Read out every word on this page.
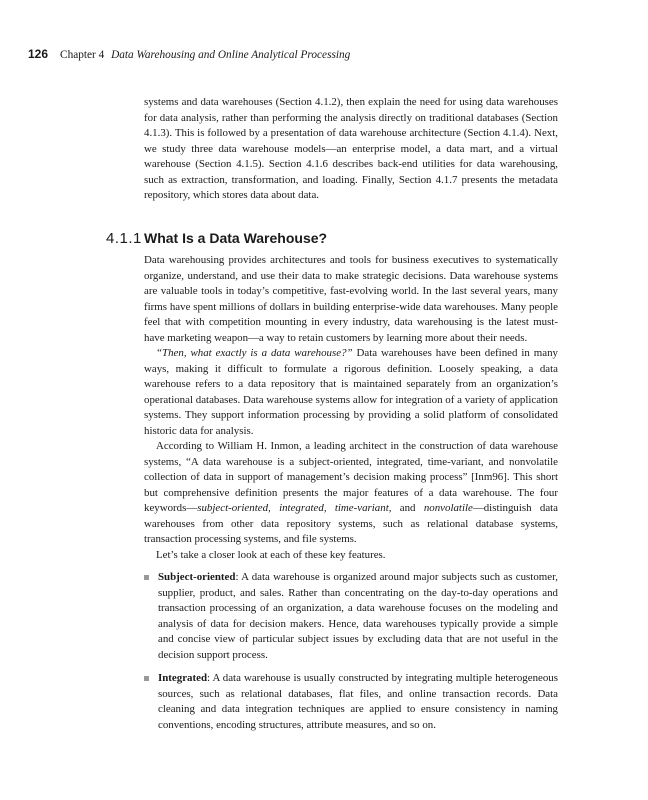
126 Chapter 4 Data Warehousing and Online Analytical Processing

systems and data warehouses (Section 4.1.2), then explain the need for using data warehouses for data analysis, rather than performing the analysis directly on traditional databases (Section 4.1.3). This is followed by a presentation of data warehouse architecture (Section 4.1.4). Next, we study three data warehouse models—an enterprise model, a data mart, and a virtual warehouse (Section 4.1.5). Section 4.1.6 describes back-end utilities for data warehousing, such as extraction, transformation, and loading. Finally, Section 4.1.7 presents the metadata repository, which stores data about data.

4.1.1 What Is a Data Warehouse?

Data warehousing provides architectures and tools for business executives to systematically organize, understand, and use their data to make strategic decisions. Data warehouse systems are valuable tools in today’s competitive, fast-evolving world. In the last several years, many firms have spent millions of dollars in building enterprise-wide data warehouses. Many people feel that with competition mounting in every industry, data warehousing is the latest must-have marketing weapon—a way to retain customers by learning more about their needs.

“Then, what exactly is a data warehouse?” Data warehouses have been defined in many ways, making it difficult to formulate a rigorous definition. Loosely speaking, a data warehouse refers to a data repository that is maintained separately from an organization’s operational databases. Data warehouse systems allow for integration of a variety of application systems. They support information processing by providing a solid platform of consolidated historic data for analysis.

According to William H. Inmon, a leading architect in the construction of data warehouse systems, “A data warehouse is a subject-oriented, integrated, time-variant, and nonvolatile collection of data in support of management’s decision making process” [Inm96]. This short but comprehensive definition presents the major features of a data warehouse. The four keywords—subject-oriented, integrated, time-variant, and nonvolatile—distinguish data warehouses from other data repository systems, such as relational database systems, transaction processing systems, and file systems.

Let’s take a closer look at each of these key features.

Subject-oriented: A data warehouse is organized around major subjects such as customer, supplier, product, and sales. Rather than concentrating on the day-to-day operations and transaction processing of an organization, a data warehouse focuses on the modeling and analysis of data for decision makers. Hence, data warehouses typically provide a simple and concise view of particular subject issues by excluding data that are not useful in the decision support process.
Integrated: A data warehouse is usually constructed by integrating multiple heterogeneous sources, such as relational databases, flat files, and online transaction records. Data cleaning and data integration techniques are applied to ensure consistency in naming conventions, encoding structures, attribute measures, and so on.
